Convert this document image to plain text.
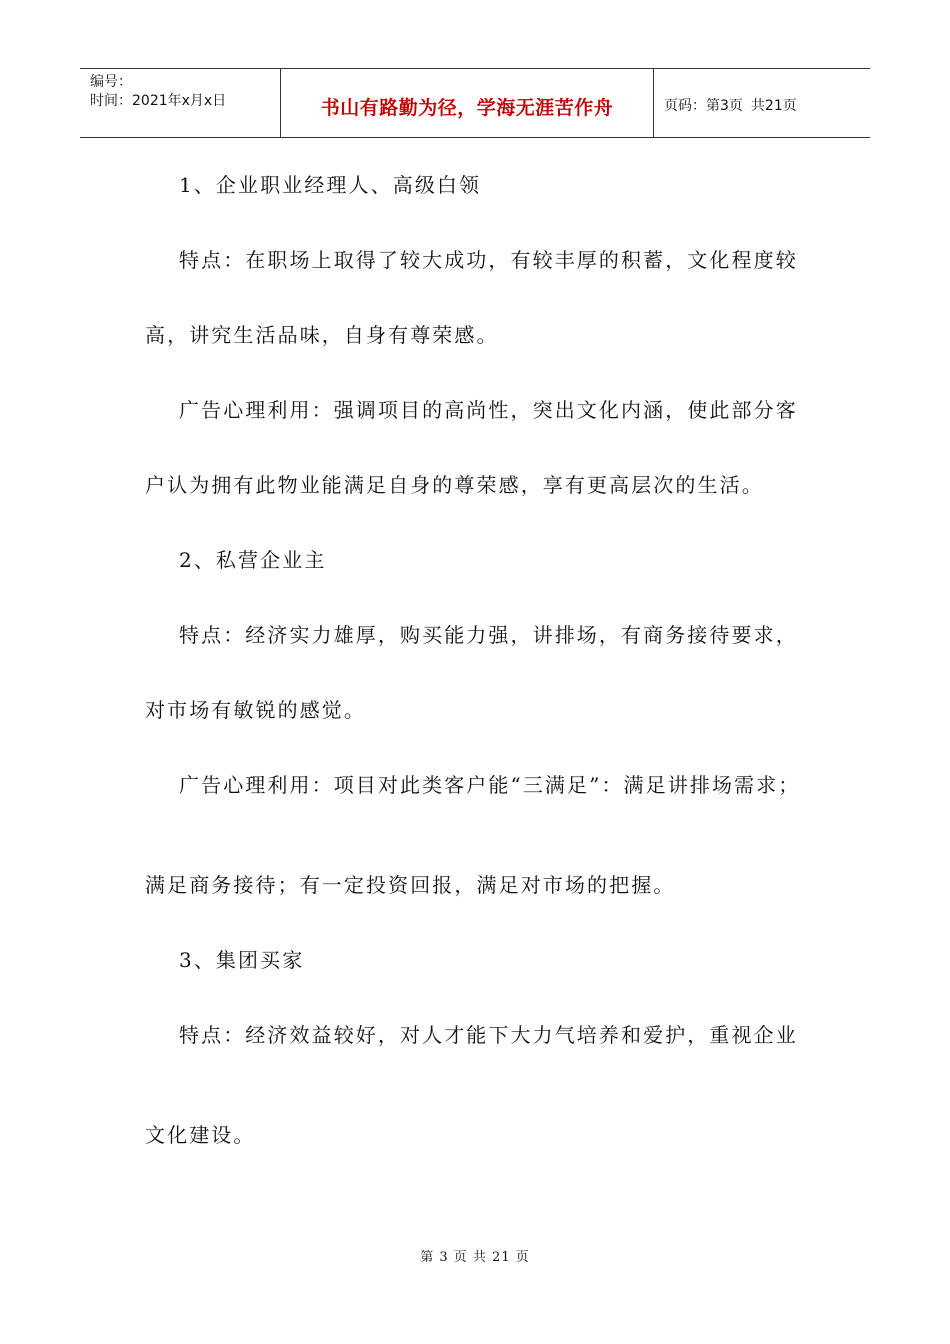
编号：
时间：2021年x月x日	书山有路勤为径，学海无涯苦作舟	页码：第3页 共21页
1、企业职业经理人、高级白领
特点：在职场上取得了较大成功，有较丰厚的积蓄，文化程度较
高，讲究生活品味，自身有尊荣感。
广告心理利用：强调项目的高尚性，突出文化内涵，使此部分客
户认为拥有此物业能满足自身的尊荣感，享有更高层次的生活。
2、私营企业主
特点：经济实力雄厚，购买能力强，讲排场，有商务接待要求，
对市场有敏锐的感觉。
广告心理利用：项目对此类客户能“三满足”：满足讲排场需求；
满足商务接待；有一定投资回报，满足对市场的把握。
3、集团买家
特点：经济效益较好，对人才能下大力气培养和爱护，重视企业
文化建设。
第 3 页 共 21 页
